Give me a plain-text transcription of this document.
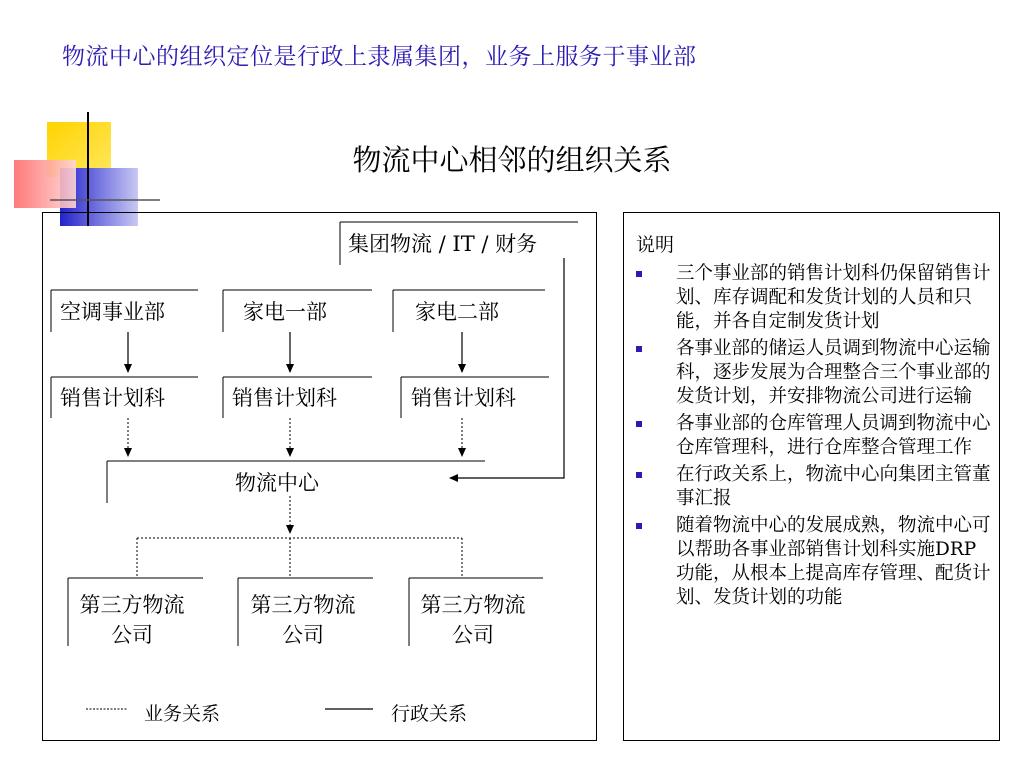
物流中心的组织定位是行政上隶属集团，业务上服务于事业部
物流中心相邻的组织关系
集团物流 / IT / 财务
空调事业部	家电一部	家电二部
销售计划科	销售计划科	销售计划科
物流中心
第三方物流公司
第三方物流公司
第三方物流公司
业务关系	行政关系
说明
三个事业部的销售计划科仍保留销售计划、库存调配和发货计划的人员和只能，并各自定制发货计划
各事业部的储运人员调到物流中心运输科，逐步发展为合理整合三个事业部的发货计划，并安排物流公司进行运输
各事业部的仓库管理人员调到物流中心仓库管理科，进行仓库整合管理工作
在行政关系上，物流中心向集团主管董事汇报
随着物流中心的发展成熟，物流中心可以帮助各事业部销售计划科实施DRP功能，从根本上提高库存管理、配货计划、发货计划的功能
